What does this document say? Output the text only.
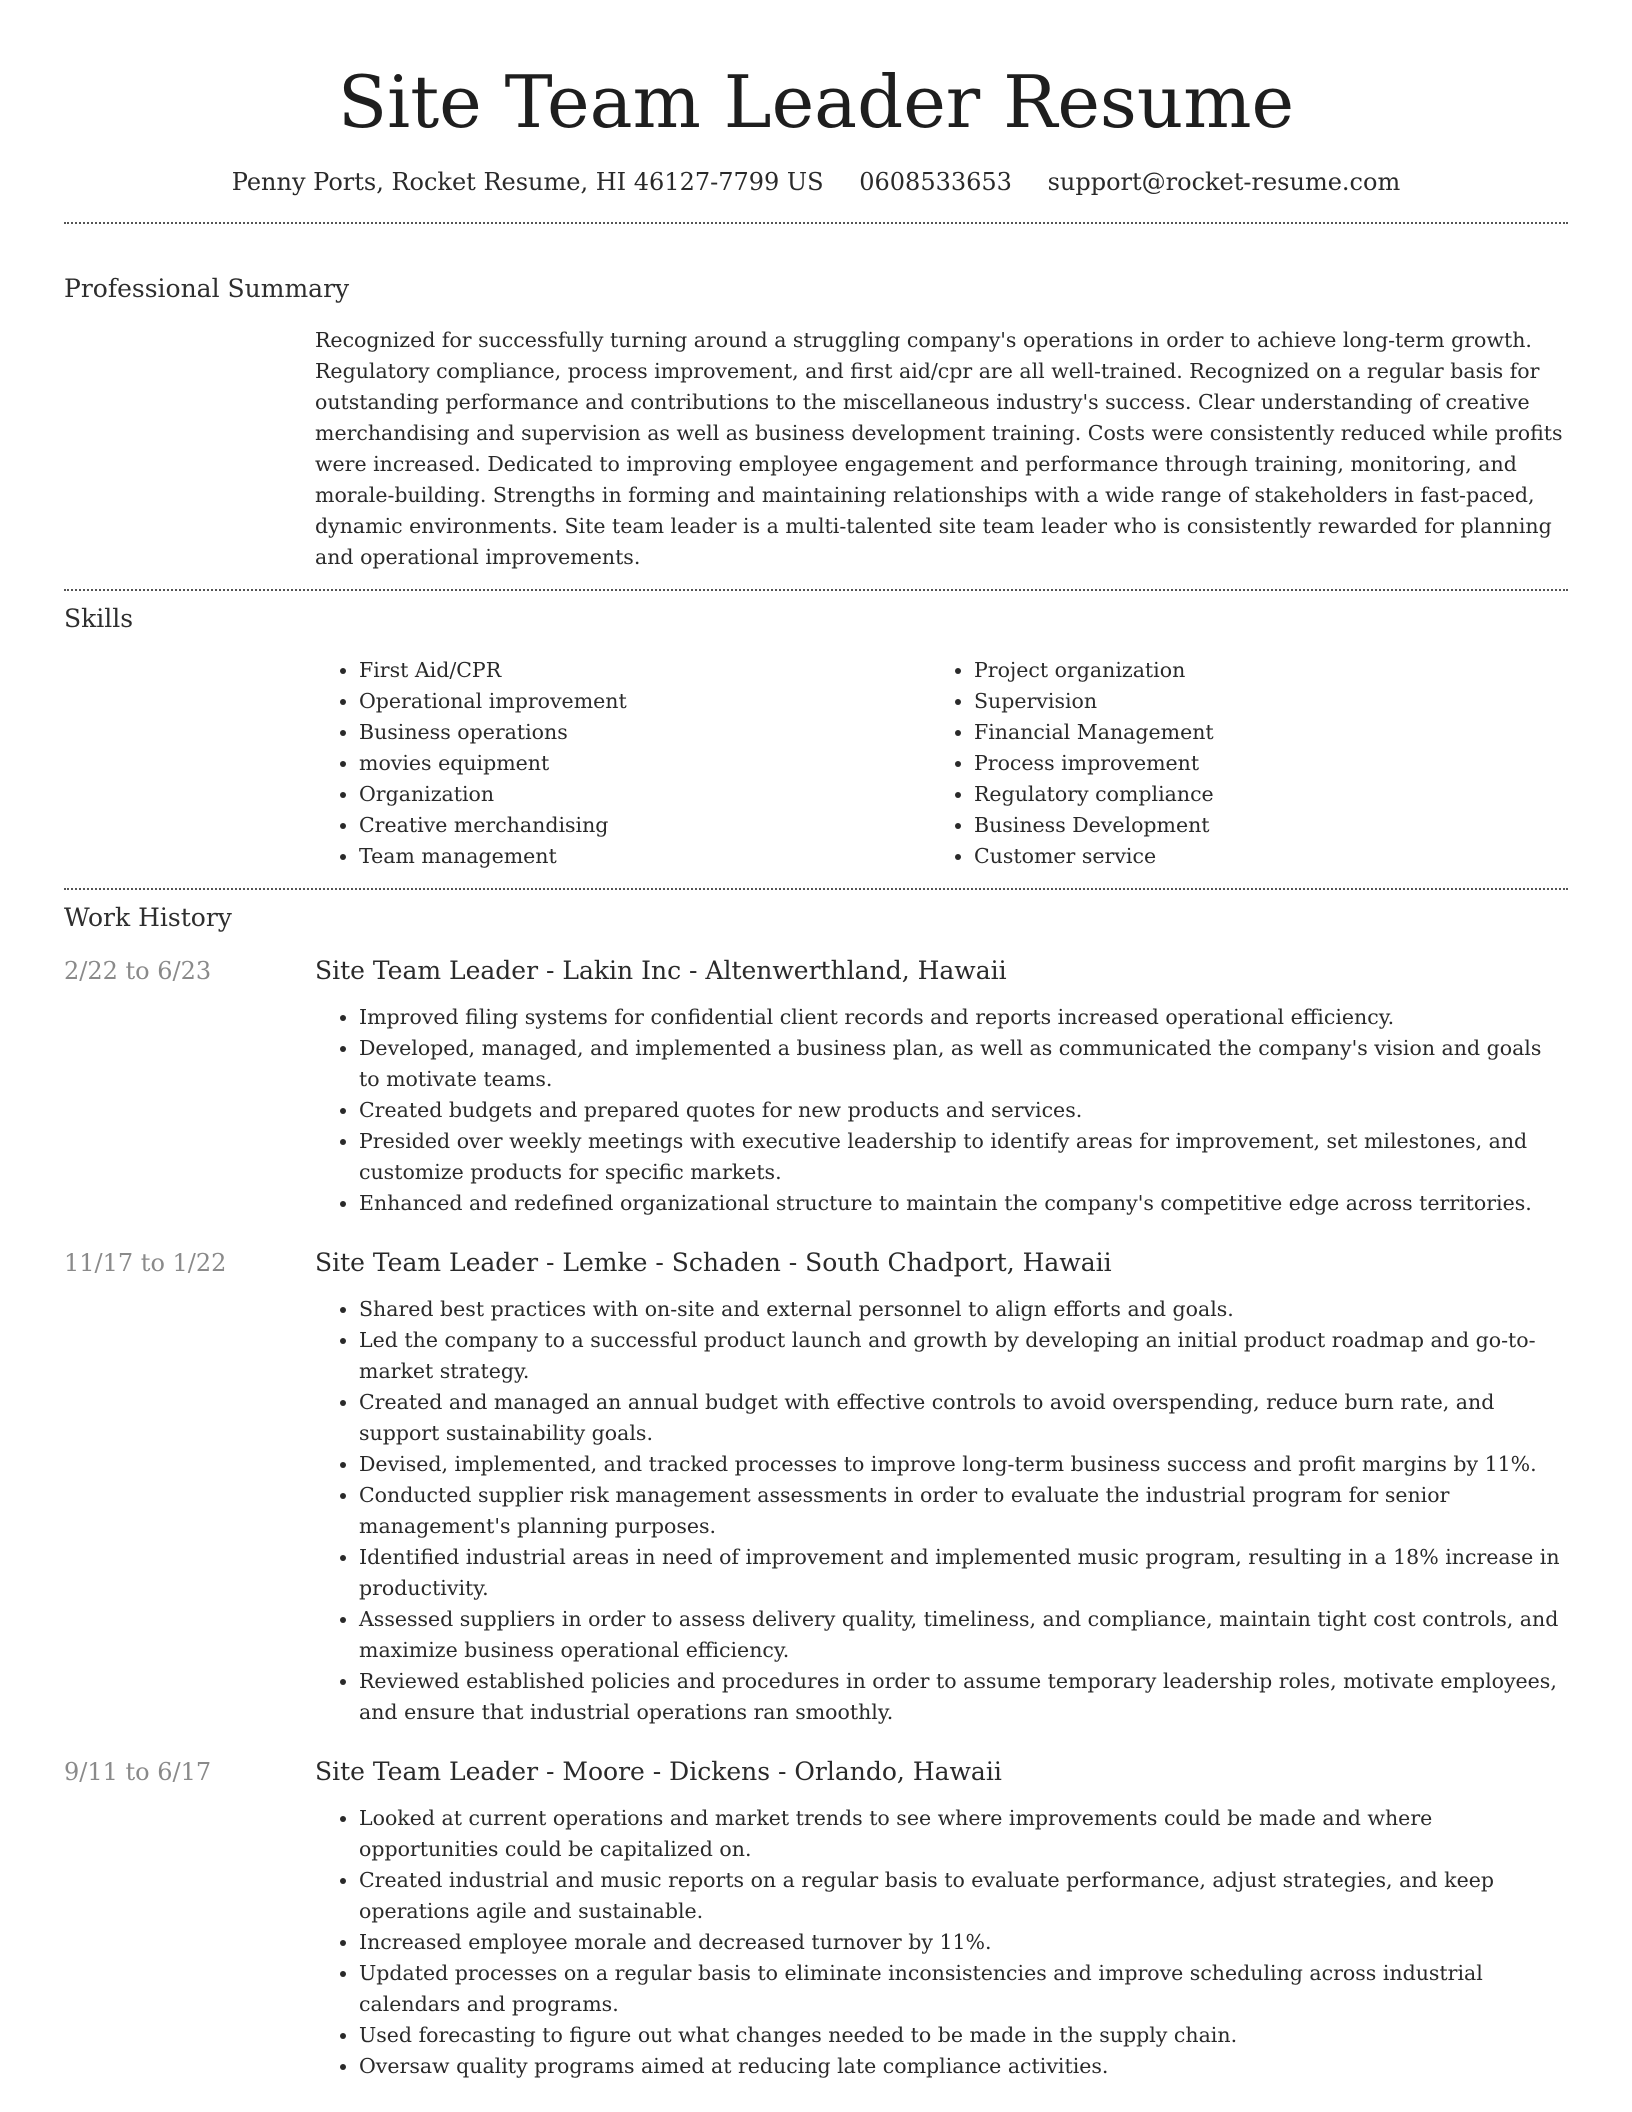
Site Team Leader Resume
Penny Ports, Rocket Resume, HI 46127-7799 US 0608533653 support@rocket-resume.com
Professional Summary

Recognized for successfully turning around a struggling company's operations in order to achieve long-term growth. Regulatory compliance, process improvement, and first aid/cpr are all well-trained. Recognized on a regular basis for outstanding performance and contributions to the miscellaneous industry's success. Clear understanding of creative merchandising and supervision as well as business development training. Costs were consistently reduced while profits were increased. Dedicated to improving employee engagement and performance through training, monitoring, and morale-building. Strengths in forming and maintaining relationships with a wide range of stakeholders in fast-paced, dynamic environments. Site team leader is a multi-talented site team leader who is consistently rewarded for planning and operational improvements.

Skills
• First Aid/CPR
• Operational improvement
• Business operations
• movies equipment
• Organization
• Creative merchandising
• Team management
• Project organization
• Supervision
• Financial Management
• Process improvement
• Regulatory compliance
• Business Development
• Customer service
Work History
2/22 to 6/23	Site Team Leader - Lakin Inc - Altenwerthland, Hawaii
• Improved filing systems for confidential client records and reports increased operational efficiency.
• Developed, managed, and implemented a business plan, as well as communicated the company's vision and goals to motivate teams.
• Created budgets and prepared quotes for new products and services.
• Presided over weekly meetings with executive leadership to identify areas for improvement, set milestones, and customize products for specific markets.
• Enhanced and redefined organizational structure to maintain the company's competitive edge across territories.
11/17 to 1/22	Site Team Leader - Lemke - Schaden - South Chadport, Hawaii
• Shared best practices with on-site and external personnel to align efforts and goals.
• Led the company to a successful product launch and growth by developing an initial product roadmap and go-to-market strategy.
• Created and managed an annual budget with effective controls to avoid overspending, reduce burn rate, and support sustainability goals.
• Devised, implemented, and tracked processes to improve long-term business success and profit margins by 11%.
• Conducted supplier risk management assessments in order to evaluate the industrial program for senior management's planning purposes.
• Identified industrial areas in need of improvement and implemented music program, resulting in a 18% increase in productivity.
• Assessed suppliers in order to assess delivery quality, timeliness, and compliance, maintain tight cost controls, and maximize business operational efficiency.
• Reviewed established policies and procedures in order to assume temporary leadership roles, motivate employees, and ensure that industrial operations ran smoothly.
9/11 to 6/17	Site Team Leader - Moore - Dickens - Orlando, Hawaii
• Looked at current operations and market trends to see where improvements could be made and where opportunities could be capitalized on.
• Created industrial and music reports on a regular basis to evaluate performance, adjust strategies, and keep operations agile and sustainable.
• Increased employee morale and decreased turnover by 11%.
• Updated processes on a regular basis to eliminate inconsistencies and improve scheduling across industrial calendars and programs.
• Used forecasting to figure out what changes needed to be made in the supply chain.
• Oversaw quality programs aimed at reducing late compliance activities.
